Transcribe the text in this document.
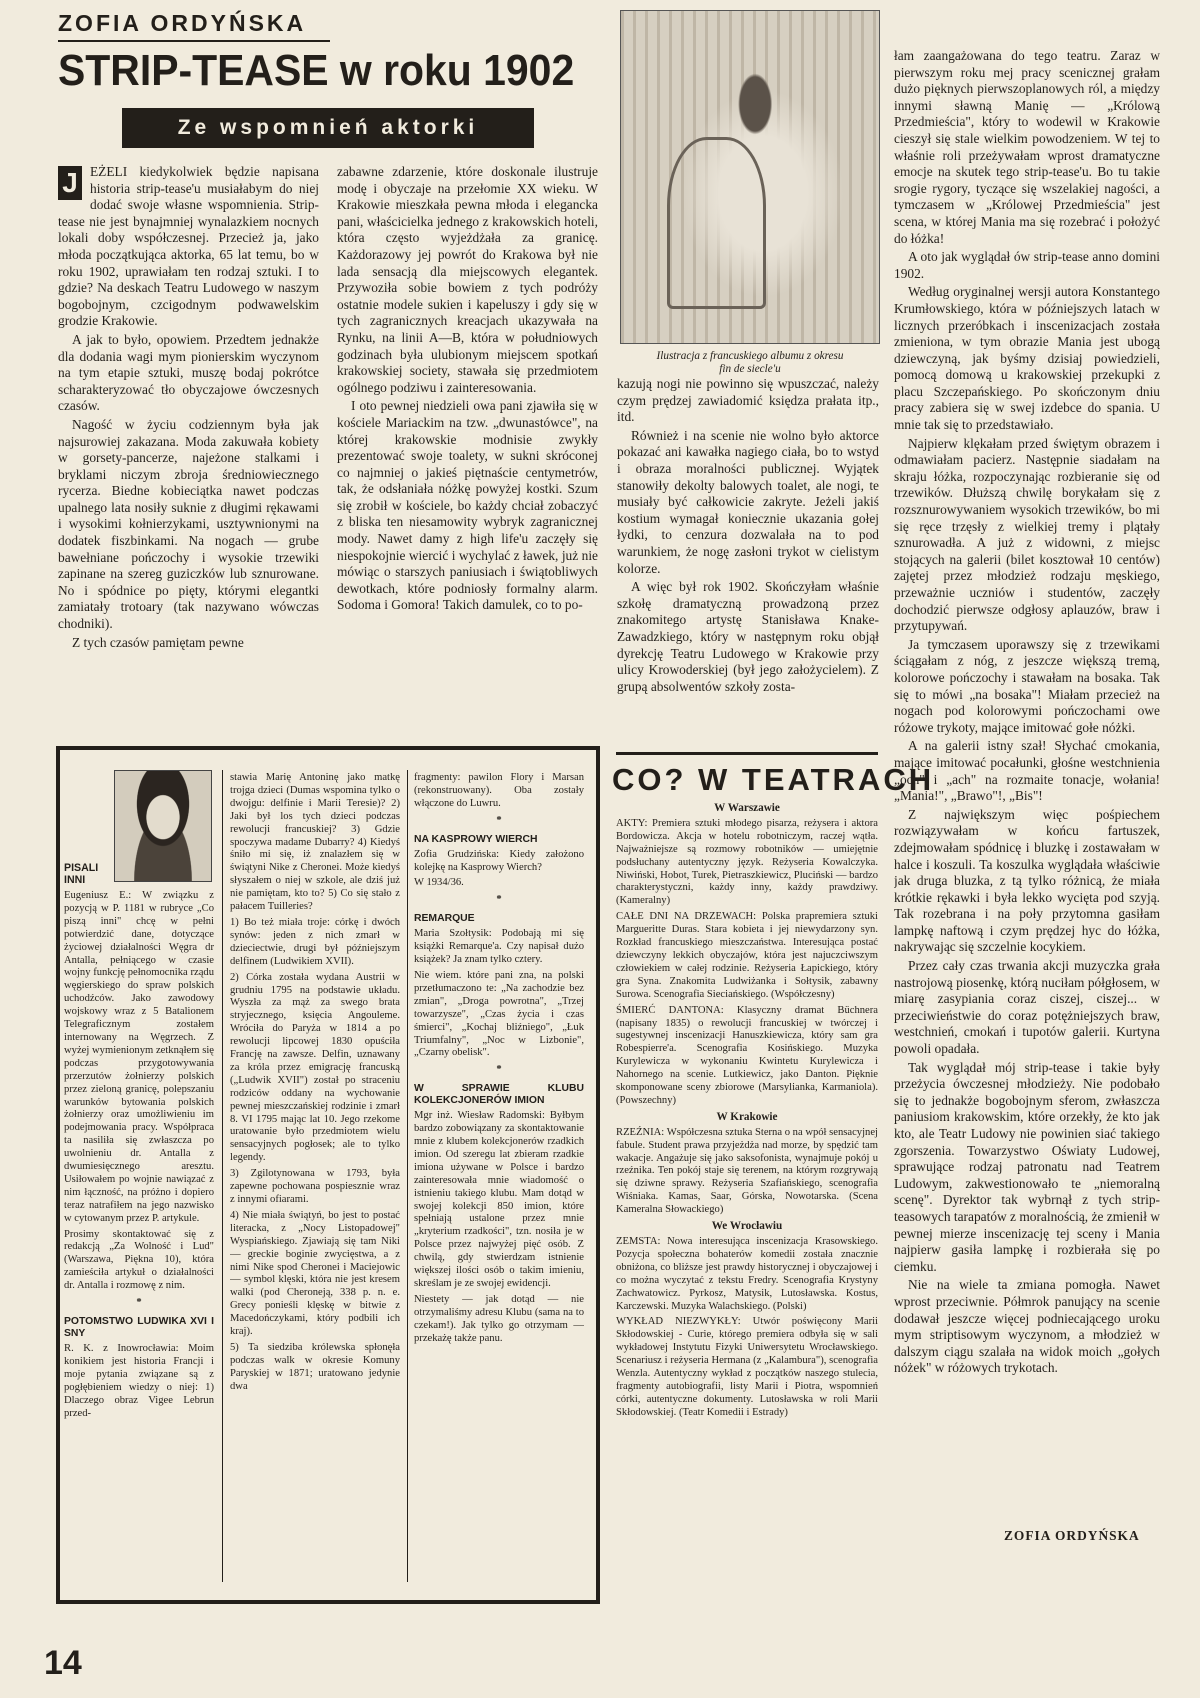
ZOFIA ORDYŃSKA
STRIP-TEASE w roku 1902
Ze wspomnień aktorki
J EŻELI kiedykolwiek będzie napisana historia strip-tease'u musiałabym do niej dodać swoje własne wspomnienia. Strip-tease nie jest bynajmniej wynalazkiem nocnych lokali doby współczesnej. Przecież ja, jako młoda początkująca aktorka, 65 lat temu, bo w roku 1902, uprawiałam ten rodzaj sztuki. I to gdzie? Na deskach Teatru Ludowego w naszym bogobojnym, czcigodnym podwawelskim grodzie Krakowie.

A jak to było, opowiem. Przedtem jednakże dla dodania wagi mym pionierskim wyczynom na tym etapie sztuki, muszę bodaj pokrótce scharakteryzować tło obyczajowe ówczesnych czasów.

Nagość w życiu codziennym była jak najsurowiej zakazana. Moda zakuwała kobiety w gorsety-pancerze, najeżone stalkami i bryklami niczym zbroja średniowiecznego rycerza. Biedne kobieciątka nawet podczas upalnego lata nosiły suknie z długimi rękawami i wysokimi kołnierzykami, usztywnionymi na dodatek fiszbinkami. Na nogach — grube bawełniane pończochy i wysokie trzewiki zapinane na szereg guziczków lub sznurowane. No i spódnice po pięty, którymi elegantki zamiatały trotoary (tak nazywano wówczas chodniki).

Z tych czasów pamiętam pewne

zabawne zdarzenie, które doskonale ilustruje modę i obyczaje na przełomie XX wieku. W Krakowie mieszkała pewna młoda i elegancka pani, właścicielka jednego z krakowskich hoteli, która często wyjeżdżała za granicę. Każdorazowy jej powrót do Krakowa był nie lada sensacją dla miejscowych elegantek. Przywoziła sobie bowiem z tych podróży ostatnie modele sukien i kapeluszy i gdy się w tych zagranicznych kreacjach ukazywała na Rynku, na linii A—B, która w południowych godzinach była ulubionym miejscem spotkań krakowskiej society, stawała się przedmiotem ogólnego podziwu i zainteresowania.

I oto pewnej niedzieli owa pani zjawiła się w kościele Mariackim na tzw. „dwunastówce", na której krakowskie modnisie zwykły prezentować swoje toalety, w sukni skróconej co najmniej o jakieś piętnaście centymetrów, tak, że odsłaniała nóżkę powyżej kostki. Szum się zrobił w kościele, bo każdy chciał zobaczyć z bliska ten niesamowity wybryk zagranicznej mody. Nawet damy z high life'u zaczęły się niespokojnie wiercić i wychylać z ławek, już nie mówiąc o starszych paniusiach i świątobliwych dewotkach, które podniosły formalny alarm. Sodoma i Gomora! Takich damulek, co to po-

Ilustracja z francuskiego albumu z okresu fin de siecle'u

kazują nogi nie powinno się wpuszczać, należy czym prędzej zawiadomić księdza prałata itp., itd.

Również i na scenie nie wolno było aktorce pokazać ani kawałka nagiego ciała, bo to wstyd i obraza moralności publicznej. Wyjątek stanowiły dekolty balowych toalet, ale nogi, te musiały być całkowicie zakryte. Jeżeli jakiś kostium wymagał koniecznie ukazania gołej łydki, to cenzura dozwalała na to pod warunkiem, że nogę zasłoni trykot w cielistym kolorze.

A więc był rok 1902. Skończyłam właśnie szkołę dramatyczną prowadzoną przez znakomitego artystę Stanisława Knake-Zawadzkiego, który w następnym roku objął dyrekcję Teatru Ludowego w Krakowie przy ulicy Krowoderskiej (był jego założycielem). Z grupą absolwentów szkoły zosta-

łam zaangażowana do tego teatru. Zaraz w pierwszym roku mej pracy scenicznej grałam dużo pięknych pierwszoplanowych ról, a między innymi sławną Manię — „Królową Przedmieścia", który to wodewil w Krakowie cieszył się stale wielkim powodzeniem. W tej to właśnie roli przeżywałam wprost dramatyczne emocje na skutek tego strip-tease'u. Bo tu takie srogie rygory, tyczące się wszelakiej nagości, a tymczasem w „Królowej Przedmieścia" jest scena, w której Mania ma się rozebrać i położyć do łóżka!

A oto jak wyglądał ów strip-tease anno domini 1902.

Według oryginalnej wersji autora Konstantego Krumłowskiego, która w późniejszych latach w licznych przeróbkach i inscenizacjach została zmieniona, w tym obrazie Mania jest ubogą dziewczyną, jak byśmy dzisiaj powiedzieli, pomocą domową u krakowskiej przekupki z placu Szczepańskiego. Po skończonym dniu pracy zabiera się w swej izdebce do spania. U mnie tak się to przedstawiało.

Najpierw klękałam przed świętym obrazem i odmawiałam pacierz. Następnie siadałam na skraju łóżka, rozpoczynając rozbieranie się od trzewików. Dłuższą chwilę borykałam się z rozsznurowywaniem wysokich trzewików, bo mi się ręce trzęsły z wielkiej tremy i plątały sznurowadła. A już z widowni, z miejsc stojących na galerii (bilet kosztował 10 centów) zajętej przez młodzież rodzaju męskiego, przeważnie uczniów i studentów, zaczęły dochodzić pierwsze odgłosy aplauzów, braw i przytupywań.

Ja tymczasem uporawszy się z trzewikami ściągałam z nóg, z jeszcze większą tremą, kolorowe pończochy i stawałam na bosaka. Tak się to mówi „na bosaka"! Miałam przecież na nogach pod kolorowymi pończochami owe różowe trykoty, mające imitować gołe nóżki.

A na galerii istny szał! Słychać cmokania, mające imitować pocałunki, głośne westchnienia „och" i „ach" na rozmaite tonacje, wołania! „Mania!", „Brawo"!, „Bis"!

Z największym więc pośpiechem rozwiązywałam w końcu fartuszek, zdejmowałam spódnicę i bluzkę i zostawałam w halce i koszuli. Ta koszulka wyglądała właściwie jak druga bluzka, z tą tylko różnicą, że miała krótkie rękawki i była lekko wycięta pod szyją. Tak rozebrana i na poły przytomna gasiłam lampkę naftową i czym prędzej hyc do łóżka, nakrywając się szczelnie kocykiem.

Przez cały czas trwania akcji muzyczka grała nastrojową piosenkę, którą nuciłam półgłosem, w miarę zasypiania coraz ciszej, ciszej... w przeciwieństwie do coraz potężniejszych braw, westchnień, cmokań i tupotów galerii. Kurtyna powoli opadała.

Tak wyglądał mój strip-tease i takie były przeżycia ówczesnej młodzieży. Nie podobało się to jednakże bogobojnym sferom, zwłaszcza paniusiom krakowskim, które orzekły, że kto jak kto, ale Teatr Ludowy nie powinien siać takiego zgorszenia. Towarzystwo Oświaty Ludowej, sprawujące rodzaj patronatu nad Teatrem Ludowym, zakwestionowało te „niemoralną scenę". Dyrektor tak wybrnął z tych strip-teasowych tarapatów z moralnością, że zmienił w pewnej mierze inscenizację tej sceny i Mania najpierw gasiła lampkę i rozbierała się po ciemku.

Nie na wiele ta zmiana pomogła. Nawet wprost przeciwnie. Półmrok panujący na scenie dodawał jeszcze więcej podniecającego uroku mym striptisowym wyczynom, a młodzież w dalszym ciągu szalała na widok moich „gołych nóżek" w różowych trykotach.

ZOFIA ORDYŃSKA
PISALI INNI

Eugeniusz E.: W związku z pozycją w P. 1181 w rubryce „Co piszą inni" chcę w pełni potwierdzić dane, dotyczące życiowej działalności Węgra dr Antalla, pełniącego w czasie wojny funkcję pełnomocnika rządu węgierskiego do spraw polskich uchodźców. Jako zawodowy wojskowy wraz z 5 Batalionem Telegraficznym zostałem internowany na Węgrzech. Z wyżej wymienionym zetknąłem się podczas przygotowywania przerzutów żołnierzy polskich przez zieloną granicę, polepszaniu warunków bytowania polskich żołnierzy oraz umożliwieniu im podejmowania pracy. Współpraca ta nasiliła się zwłaszcza po uwolnieniu dr. Antalla z dwumiesięcznego aresztu. Usiłowałem po wojnie nawiązać z nim łączność, na próżno i dopiero teraz natrafiłem na jego nazwisko w cytowanym przez P. artykule.

Prosimy skontaktować się z redakcją „Za Wolność i Lud" (Warszawa, Piękna 10), która zamieściła artykuł o działalności dr. Antalla i rozmowę z nim.

*

POTOMSTWO LUDWIKA XVI I SNY

R. K. z Inowrocławia: Moim konikiem jest historia Francji i moje pytania związane są z pogłębieniem wiedzy o niej: 1) Dlaczego obraz Vigee Lebrun przed-

stawia Marię Antoninę jako matkę trojga dzieci (Dumas wspomina tylko o dwojgu: delfinie i Marii Teresie)? 2) Jaki był los tych dzieci podczas rewolucji francuskiej? 3) Gdzie spoczywa madame Dubarry? 4) Kiedyś śniło mi się, iż znalazłem się w świątyni Nike z Cheronei. Może kiedyś słyszałem o niej w szkole, ale dziś już nie pamiętam, kto to? 5) Co się stało z pałacem Tuilleries?

1) Bo też miała troje: córkę i dwóch synów: jeden z nich zmarł w dzieciectwie, drugi był późniejszym delfinem (Ludwikiem XVII).

2) Córka została wydana Austrii w grudniu 1795 na podstawie układu. Wyszła za mąż za swego brata stryjecznego, księcia Angouleme. Wróciła do Paryża w 1814 a po rewolucji lipcowej 1830 opuściła Francję na zawsze. Delfin, uznawany za króla przez emigrację francuską („Ludwik XVII") został po straceniu rodziców oddany na wychowanie pewnej mieszczańskiej rodzinie i zmarł 8. VI 1795 mając lat 10. Jego rzekome uratowanie było przedmiotem wielu sensacyjnych pogłosek; ale to tylko legendy.

3) Zgilotynowana w 1793, była zapewne pochowana pospiesznie wraz z innymi ofiarami.

4) Nie miała świątyń, bo jest to postać literacka, z „Nocy Listopadowej" Wyspiańskiego. Zjawiają się tam Niki — greckie boginie zwycięstwa, a z nimi Nike spod Cheronei i Maciejowic — symbol klęski, która nie jest kresem walki (pod Cheroneją, 338 p. n. e. Grecy ponieśli klęskę w bitwie z Macedończykami, który podbili ich kraj).

5) Ta siedziba królewska spłonęła podczas walk w okresie Komuny Paryskiej w 1871; uratowano jedynie dwa

fragmenty: pawilon Flory i Marsan (rekonstruowany). Oba zostały włączone do Luwru.

*

NA KASPROWY WIERCH

Zofia Grudzińska: Kiedy założono kolejkę na Kasprowy Wierch?

W 1934/36.

*

REMARQUE

Maria Szołtysik: Podobają mi się książki Remarque'a. Czy napisał dużo książek? Ja znam tylko cztery.

Nie wiem. które pani zna, na polski przetłumaczono te: „Na zachodzie bez zmian", „Droga powrotna", „Trzej towarzysze", „Czas życia i czas śmierci", „Kochaj bliźniego", „Łuk Triumfalny", „Noc w Lizbonie", „Czarny obelisk".

*

W SPRAWIE KLUBU KOLEKCJONERÓW IMION

Mgr inż. Wiesław Radomski: Byłbym bardzo zobowiązany za skontaktowanie mnie z klubem kolekcjonerów rzadkich imion. Od szeregu lat zbieram rzadkie imiona używane w Polsce i bardzo zainteresowała mnie wiadomość o istnieniu takiego klubu. Mam dotąd w swojej kolekcji 850 imion, które spełniają ustalone przez mnie „kryterium rzadkości", tzn. nosiła je w Polsce przez najwyżej pięć osób. Z chwilą, gdy stwierdzam istnienie większej ilości osób o takim imieniu, skreślam je ze swojej ewidencji.

Niestety — jak dotąd — nie otrzymaliśmy adresu Klubu (sama na to czekam!). Jak tylko go otrzymam — przekażę także panu.

CO? W TEATRACH

W Warszawie

AKTY: Premiera sztuki młodego pisarza, reżysera i aktora Bordowicza. Akcja w hotelu robotniczym, raczej wątła. Najważniejsze są rozmowy robotników — umiejętnie podsłuchany autentyczny język. Reżyseria Kowalczyka. Niwiński, Hobot, Turek, Pietraszkiewicz, Pluciński — bardzo charakterystyczni, każdy inny, każdy prawdziwy. (Kameralny)

CAŁE DNI NA DRZEWACH: Polska prapremiera sztuki Margueritte Duras. Stara kobieta i jej niewydarzony syn. Rozkład francuskiego mieszczaństwa. Interesująca postać dziewczyny lekkich obyczajów, która jest najuczciwszym człowiekiem w całej rodzinie. Reżyseria Łapickiego, który gra Syna. Znakomita Ludwiżanka i Sołtysik, zabawny Surowa. Scenografia Sieciańskiego. (Współczesny)

ŚMIERĆ DANTONA: Klasyczny dramat Büchnera (napisany 1835) o rewolucji francuskiej w twórczej i sugestywnej inscenizacji Hanuszkiewicza, który sam gra Robespierre'a. Scenografia Kosińskiego. Muzyka Kurylewicza w wykonaniu Kwintetu Kurylewicza i Nahornego na scenie. Lutkiewicz, jako Danton. Pięknie skomponowane sceny zbiorowe (Marsylianka, Karmaniola). (Powszechny)

W Krakowie

RZEŹNIA: Współczesna sztuka Sterna o na wpół sensacyjnej fabule. Student prawa przyjeżdża nad morze, by spędzić tam wakacje. Angażuje się jako saksofonista, wynajmuje pokój u rzeźnika. Ten pokój staje się terenem, na którym rozgrywają się dziwne sprawy. Reżyseria Szafiańskiego, scenografia Wiśniaka. Kamas, Saar, Górska, Nowotarska. (Scena Kameralna Słowackiego)

We Wrocławiu

ZEMSTA: Nowa interesująca inscenizacja Krasowskiego. Pozycja społeczna bohaterów komedii została znacznie obniżona, co bliższe jest prawdy historycznej i obyczajowej i co można wyczytać z tekstu Fredry. Scenografia Krystyny Zachwatowicz. Pyrkosz, Matysik, Lutosławska. Kostus, Karczewski. Muzyka Walachskiego. (Polski)

WYKŁAD NIEZWYKŁY: Utwór poświęcony Marii Skłodowskiej - Curie, którego premiera odbyła się w sali wykładowej Instytutu Fizyki Uniwersytetu Wrocławskiego. Scenariusz i reżyseria Hermana (z „Kalambura"), scenografia Wenzla. Autentyczny wykład z początków naszego stulecia, fragmenty autobiografii, listy Marii i Piotra, wspomnień córki, autentyczne dokumenty. Lutosławska w roli Marii Skłodowskiej. (Teatr Komedii i Estrady)

14
